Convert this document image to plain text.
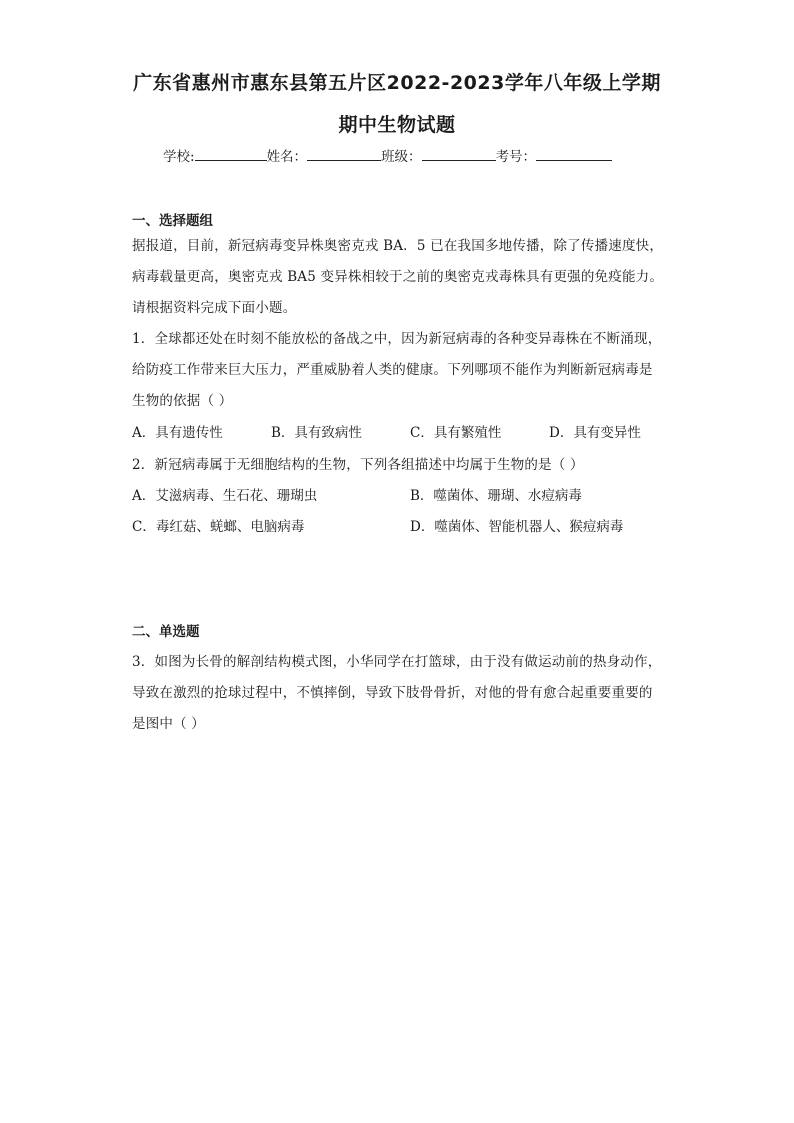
广东省惠州市惠东县第五片区2022-2023学年八年级上学期
期中生物试题
学校:	姓名：	班级：	考号：
一、选择题组
据报道，目前，新冠病毒变异株奥密克戎 BA．5 已在我国多地传播，除了传播速度快，
病毒载量更高，奥密克戎 BA5 变异株相较于之前的奥密克戎毒株具有更强的免疫能力。
请根据资料完成下面小题。
1．全球都还处在时刻不能放松的备战之中，因为新冠病毒的各种变异毒株在不断涌现，
给防疫工作带来巨大压力，严重威胁着人类的健康。下列哪项不能作为判断新冠病毒是
生物的依据（ ）
A．具有遗传性	B．具有致病性	C．具有繁殖性	D．具有变异性
2．新冠病毒属于无细胞结构的生物，下列各组描述中均属于生物的是（ ）
A．艾滋病毒、生石花、珊瑚虫	B．噬菌体、珊瑚、水痘病毒
C．毒红菇、蜣螂、电脑病毒	D．噬菌体、智能机器人、猴痘病毒
二、单选题
3．如图为长骨的解剖结构模式图，小华同学在打篮球，由于没有做运动前的热身动作，
导致在激烈的抢球过程中，不慎摔倒，导致下肢骨骨折，对他的骨有愈合起重要重要的
是图中（ ）
